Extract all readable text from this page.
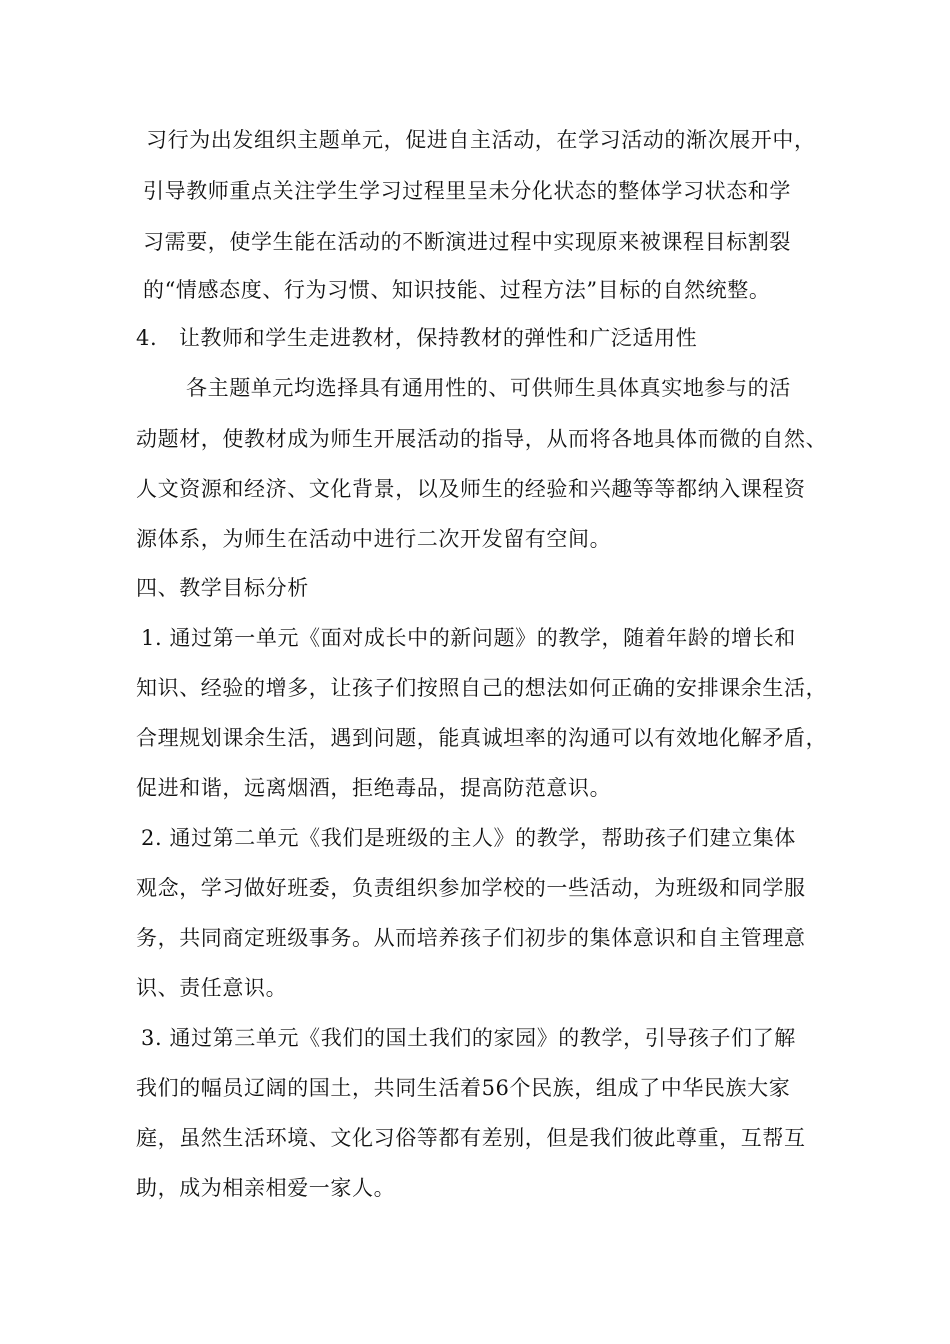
习行为出发组织主题单元，促进自主活动，在学习活动的渐次展开中，
引导教师重点关注学生学习过程里呈未分化状态的整体学习状态和学
习需要，使学生能在活动的不断演进过程中实现原来被课程目标割裂
的“情感态度、行为习惯、知识技能、过程方法”目标的自然统整。
4.　让教师和学生走进教材，保持教材的弹性和广泛适用性
各主题单元均选择具有通用性的、可供师生具体真实地参与的活
动题材，使教材成为师生开展活动的指导，从而将各地具体而微的自然、
人文资源和经济、文化背景，以及师生的经验和兴趣等等都纳入课程资
源体系，为师生在活动中进行二次开发留有空间。
四、教学目标分析
1. 通过第一单元《面对成长中的新问题》的教学，随着年龄的增长和
知识、经验的增多，让孩子们按照自己的想法如何正确的安排课余生活，
合理规划课余生活，遇到问题，能真诚坦率的沟通可以有效地化解矛盾，
促进和谐，远离烟酒，拒绝毒品，提高防范意识。
2. 通过第二单元《我们是班级的主人》的教学，帮助孩子们建立集体
观念，学习做好班委，负责组织参加学校的一些活动，为班级和同学服
务，共同商定班级事务。从而培养孩子们初步的集体意识和自主管理意
识、责任意识。
3. 通过第三单元《我们的国土我们的家园》的教学，引导孩子们了解
我们的幅员辽阔的国土，共同生活着56个民族，组成了中华民族大家
庭，虽然生活环境、文化习俗等都有差别，但是我们彼此尊重，互帮互
助，成为相亲相爱一家人。
